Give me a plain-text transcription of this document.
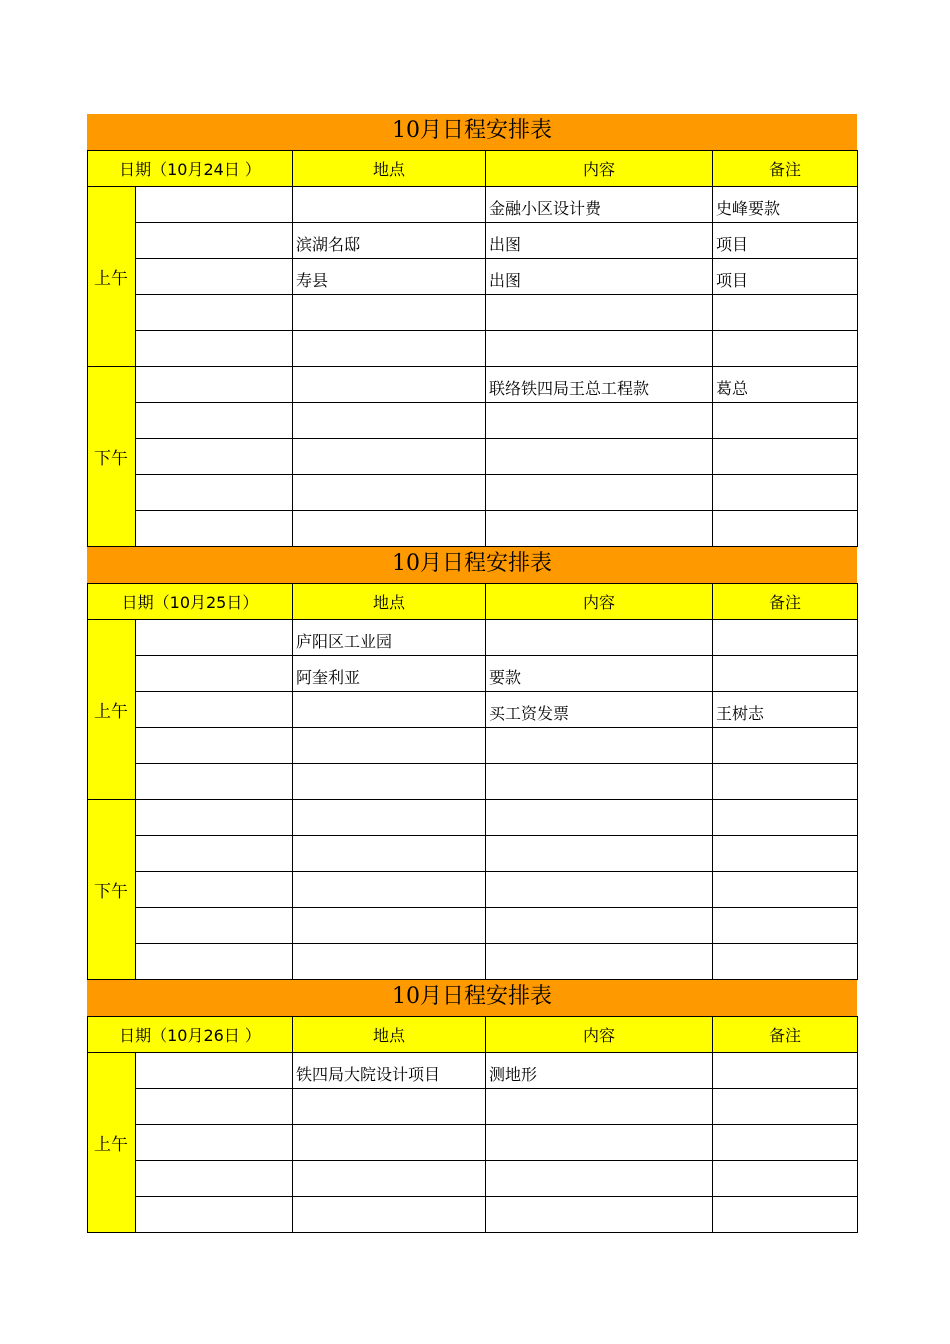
10月日程安排表
日期（10月24日 ）		地点	内容	备注
上午			金融小区设计费	史峰要款
		滨湖名邸	出图	项目
		寿县	出图	项目

下午			联络铁四局王总工程款	葛总

10月日程安排表
日期（10月25日）		地点	内容	备注
上午		庐阳区工业园		
		阿奎利亚	要款	
			买工资发票	王树志

下午				

10月日程安排表
日期（10月26日 ）		地点	内容	备注
上午		铁四局大院设计项目	测地形	
